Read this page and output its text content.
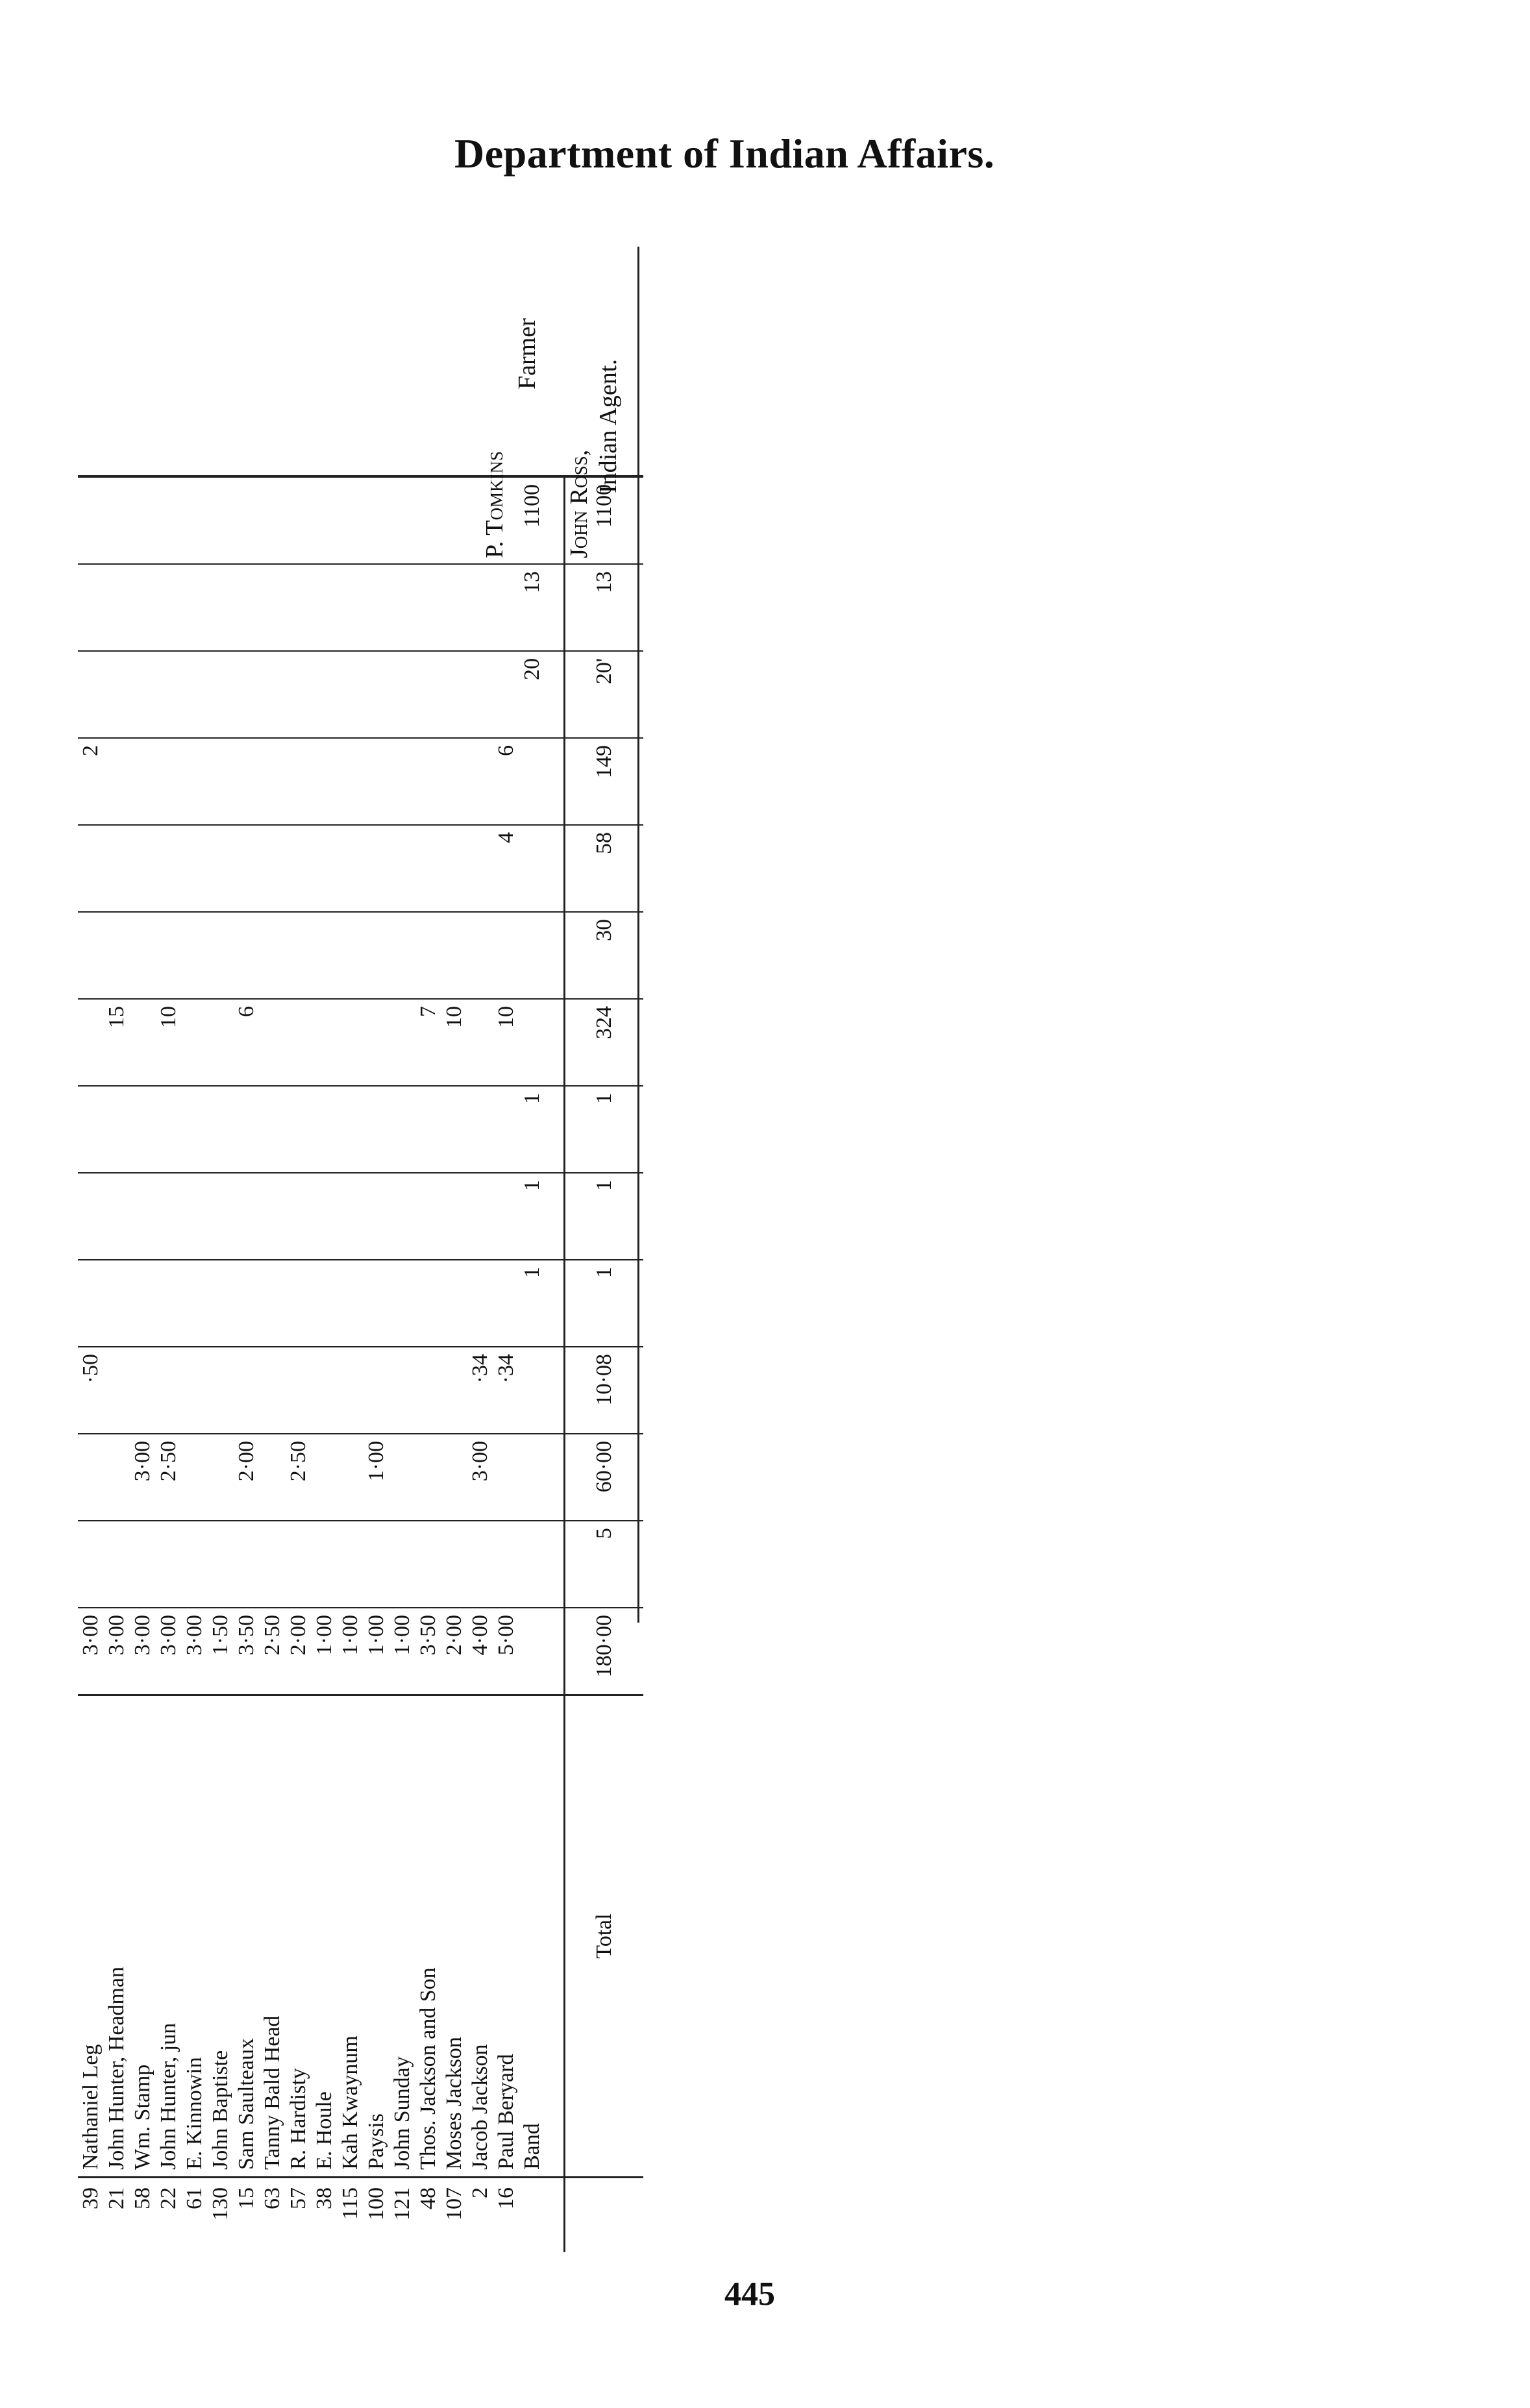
Department of Indian Affairs.
39	Nathaniel Leg	3·00			·50							2			
21	John Hunter, Headman	3·00							15						
58	Wm. Stamp	3·00		3·00											
22	John Hunter, jun	3·00		2·50					10						
61	E. Kinnowin	3·00													
130	John Baptiste	1·50													
15	Sam Saulteaux	3·50		2·00					6						
63	Tanny Bald Head	2·50													
57	R. Hardisty	2·00		2·50											
38	E. Houle	1·00													
115	Kah Kwaynum	1·00													
100	Paysis	1·00		1·00											
121	John Sunday	1·00													
48	Thos. Jackson and Son	3·50							7						
107	Moses Jackson	2·00							10						
2	Jacob Jackson	4·00		3·00	·34										
16	Paul Beryard	5·00			·34				10		4	6			
	Band					1	1	1					20	13	1100

	Total	180·00	5	60·00	10·08	1	1	1	324	30	58	149	20'	13	1100
P. Tomkins
Farmer
John Ross,
Indian Agent.
445
